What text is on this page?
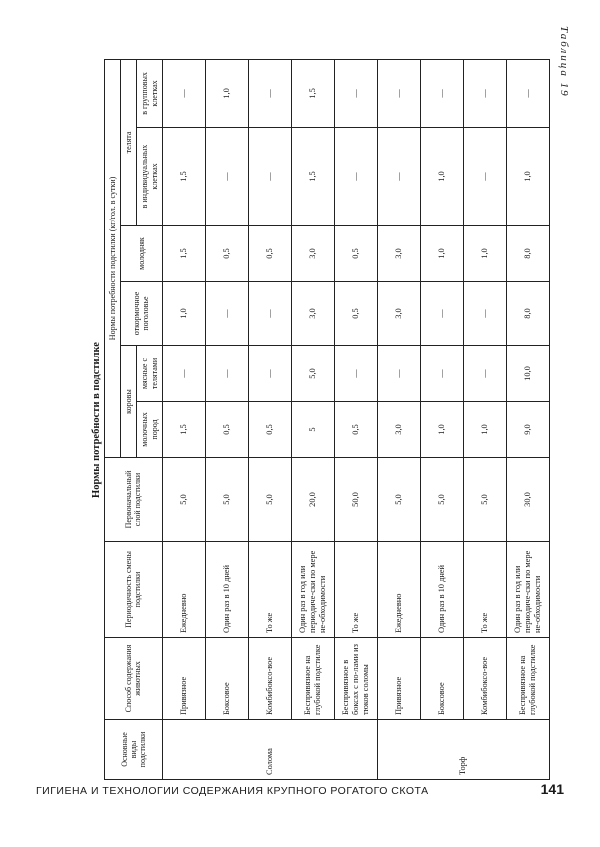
Таблица 19
Нормы потребности в подстилке
Основные виды подстилки	Способ содержания животных	Периодичность смены подстилки	Первоначальный слой подстилки	Нормы потребности подстилки (кг/гол. в сутки)					
				коровы		откормочное поголовье	молодняк	телята	
				молочных пород	мясные с телятами			в индивидуальных клетках	в групповых клетках
Солома	Привязное	Ежедневно	5,0	1,5	—	1,0	1,5	1,5	—
	Боксовое	Один раз в 10 дней	5,0	0,5	—	—	0,5	—	1,0
	Комбибоксо-вое	То же	5,0	0,5	—	—	0,5	—	—
	Беспривязное на глубокой подстилке	Один раз в год или периодиче-ски по мере не-обходимости	20,0	5	5,0	3,0	3,0	1,5	1,5
	Беспривязное в боксах с по-лами из тюков соломы	То же	50,0	0,5	—	0,5	0,5	—	—
Торф	Привязное	Ежедневно	5,0	3,0	—	3,0	3,0	—	—
	Боксовое	Один раз в 10 дней	5,0	1,0	—	—	1,0	1,0	—
	Комбибоксо-вое	То же	5,0	1,0	—	—	1,0	—	—
	Беспривязное на глубокой подстилке	Один раз в год или периодиче-ски по мере не-обходимости	30,0	9,0	10,0	8,0	8,0	1,0	—
ГИГИЕНА И ТЕХНОЛОГИИ СОДЕРЖАНИЯ КРУПНОГО РОГАТОГО СКОТА	141
